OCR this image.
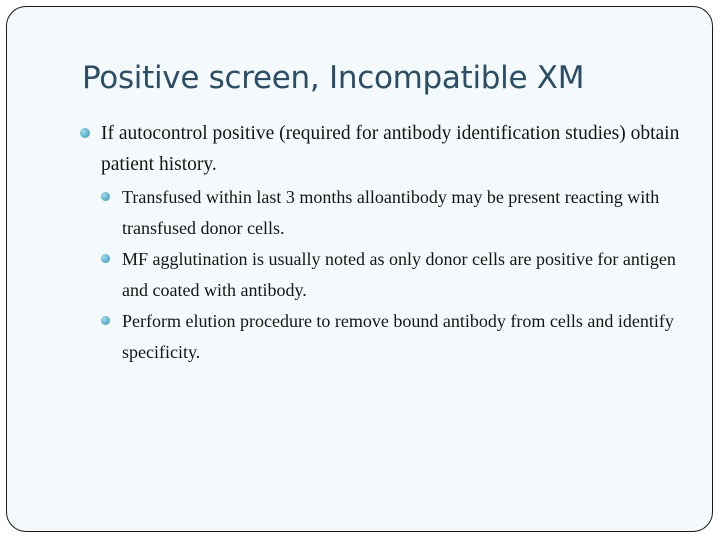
Positive screen, Incompatible XM
If autocontrol positive (required for antibody identification studies) obtain patient history.
Transfused within last 3 months alloantibody may be present reacting with transfused donor cells.
MF agglutination is usually noted as only donor cells are positive for antigen and coated with antibody.
Perform elution procedure to remove bound antibody from cells and identify specificity.
